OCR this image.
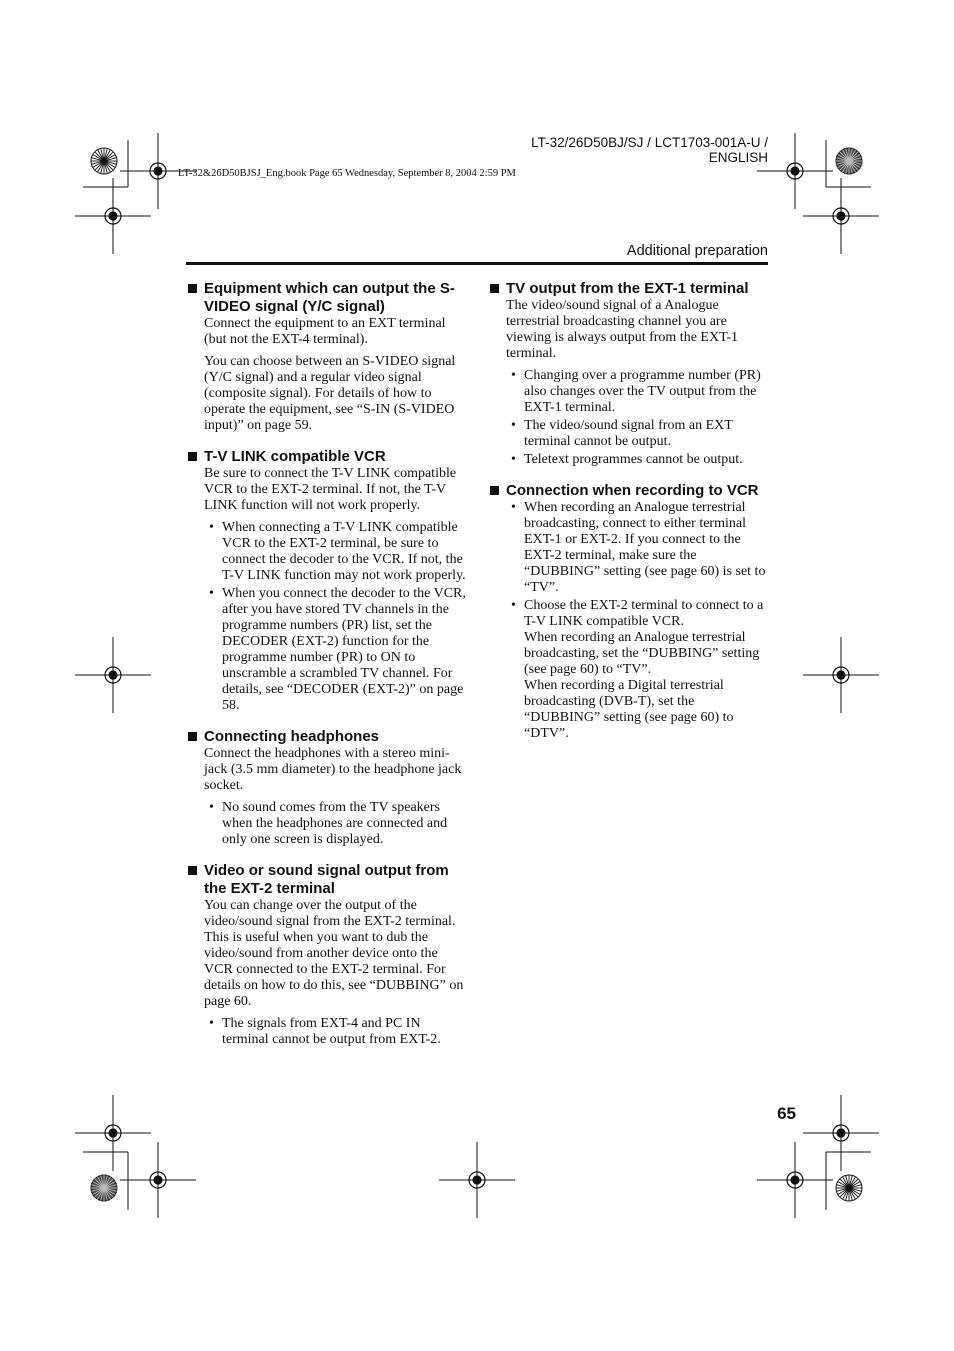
LT-32/26D50BJ/SJ / LCT1703-001A-U / ENGLISH
LT-32&26D50BJSJ_Eng.book Page 65 Wednesday, September 8, 2004 2:59 PM
Additional preparation
Equipment which can output the S-VIDEO signal (Y/C signal)

Connect the equipment to an EXT terminal (but not the EXT-4 terminal).

You can choose between an S-VIDEO signal (Y/C signal) and a regular video signal (composite signal). For details of how to operate the equipment, see “S-IN (S-VIDEO input)” on page 59.

T-V LINK compatible VCR

Be sure to connect the T-V LINK compatible VCR to the EXT-2 terminal. If not, the T-V LINK function will not work properly.

• When connecting a T-V LINK compatible VCR to the EXT-2 terminal, be sure to connect the decoder to the VCR. If not, the T-V LINK function may not work properly.
• When you connect the decoder to the VCR, after you have stored TV channels in the programme numbers (PR) list, set the DECODER (EXT-2) function for the programme number (PR) to ON to unscramble a scrambled TV channel. For details, see “DECODER (EXT-2)” on page 58.
Connecting headphones

Connect the headphones with a stereo mini-jack (3.5 mm diameter) to the headphone jack socket.

• No sound comes from the TV speakers when the headphones are connected and only one screen is displayed.
Video or sound signal output from the EXT-2 terminal

You can change over the output of the video/sound signal from the EXT-2 terminal. This is useful when you want to dub the video/sound from another device onto the VCR connected to the EXT-2 terminal. For details on how to do this, see “DUBBING” on page 60.

• The signals from EXT-4 and PC IN terminal cannot be output from EXT-2.
TV output from the EXT-1 terminal

The video/sound signal of a Analogue terrestrial broadcasting channel you are viewing is always output from the EXT-1 terminal.

• Changing over a programme number (PR) also changes over the TV output from the EXT-1 terminal.
• The video/sound signal from an EXT terminal cannot be output.
• Teletext programmes cannot be output.
Connection when recording to VCR
• When recording an Analogue terrestrial broadcasting, connect to either terminal EXT-1 or EXT-2. If you connect to the EXT-2 terminal, make sure the “DUBBING” setting (see page 60) is set to “TV”.
• Choose the EXT-2 terminal to connect to a T-V LINK compatible VCR.
When recording an Analogue terrestrial broadcasting, set the “DUBBING” setting (see page 60) to “TV”.
When recording a Digital terrestrial broadcasting (DVB-T), set the “DUBBING” setting (see page 60) to “DTV”.
65
